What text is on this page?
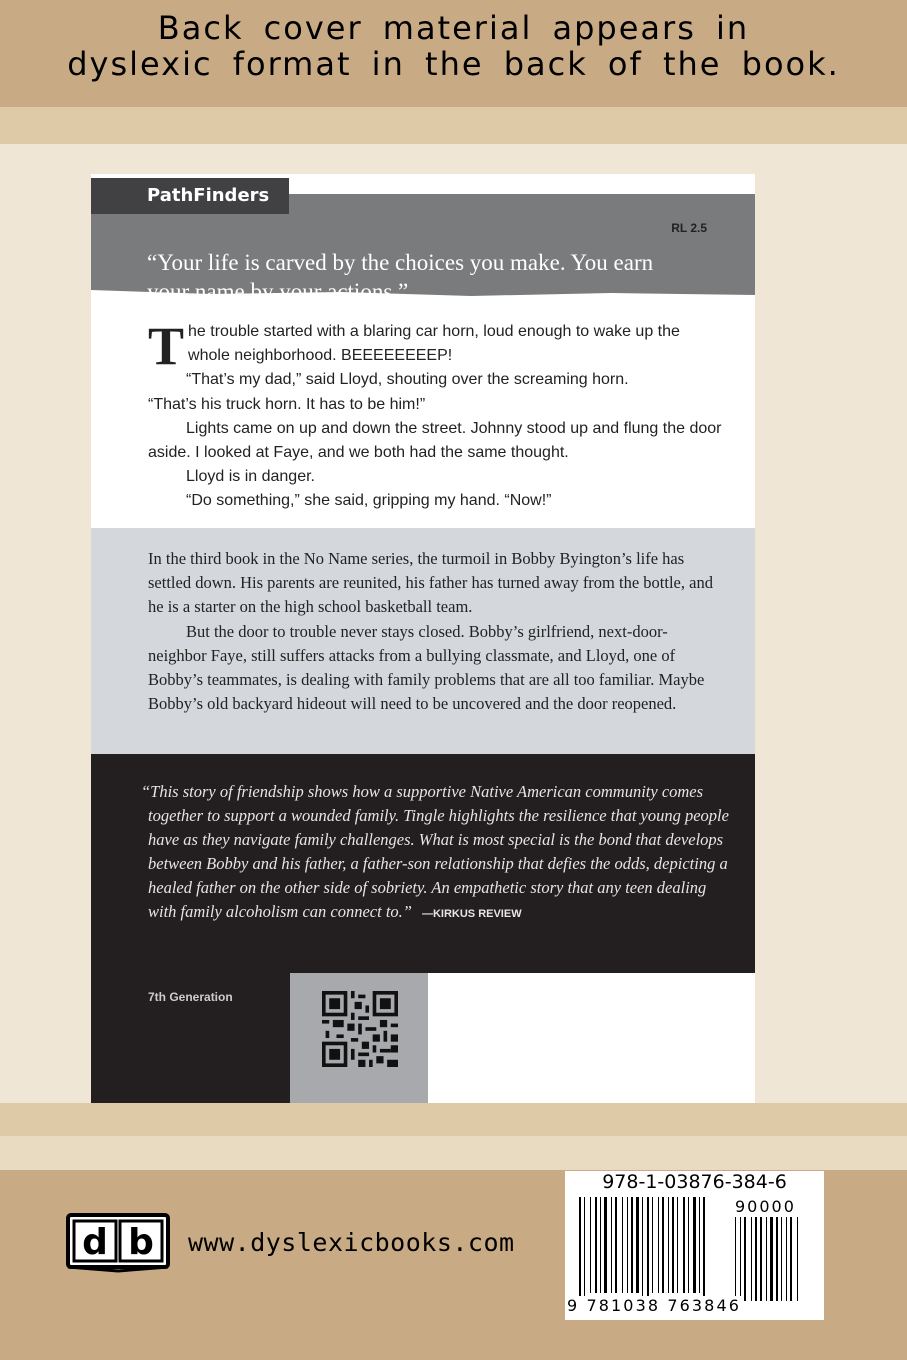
Back cover material appears in
dyslexic format in the back of the book.
RL 2.5
“Your life is carved by the choices you make. You earn
your name by your actions.”
PathFinders

The trouble started with a blaring car horn, loud enough to wake up the whole neighborhood. BEEEEEEEEP!

“That’s my dad,” said Lloyd, shouting over the screaming horn.

“That’s his truck horn. It has to be him!”

Lights came on up and down the street. Johnny stood up and flung the door aside. I looked at Faye, and we both had the same thought.

Lloyd is in danger.

“Do something,” she said, gripping my hand. “Now!”

In the third book in the No Name series, the turmoil in Bobby Byington’s life has settled down. His parents are reunited, his father has turned away from the bottle, and he is a starter on the high school basketball team.

But the door to trouble never stays closed. Bobby’s girlfriend, next-door-neighbor Faye, still suffers attacks from a bullying classmate, and Lloyd, one of Bobby’s teammates, is dealing with family problems that are all too familiar. Maybe Bobby’s old backyard hideout will need to be uncovered and the door reopened.

“This story of friendship shows how a supportive Native American community comes together to support a wounded family. Tingle highlights the resilience that young people have as they navigate family challenges. What is most special is the bond that develops between Bobby and his father, a father-son relationship that defies the odds, depicting a healed father on the other side of sobriety. An empathetic story that any teen dealing with family alcoholism can connect to.” —KIRKUS REVIEW

7th Generation
d b www.dyslexicbooks.com
978-1-03876-384-6
90000
9 781038 763846
